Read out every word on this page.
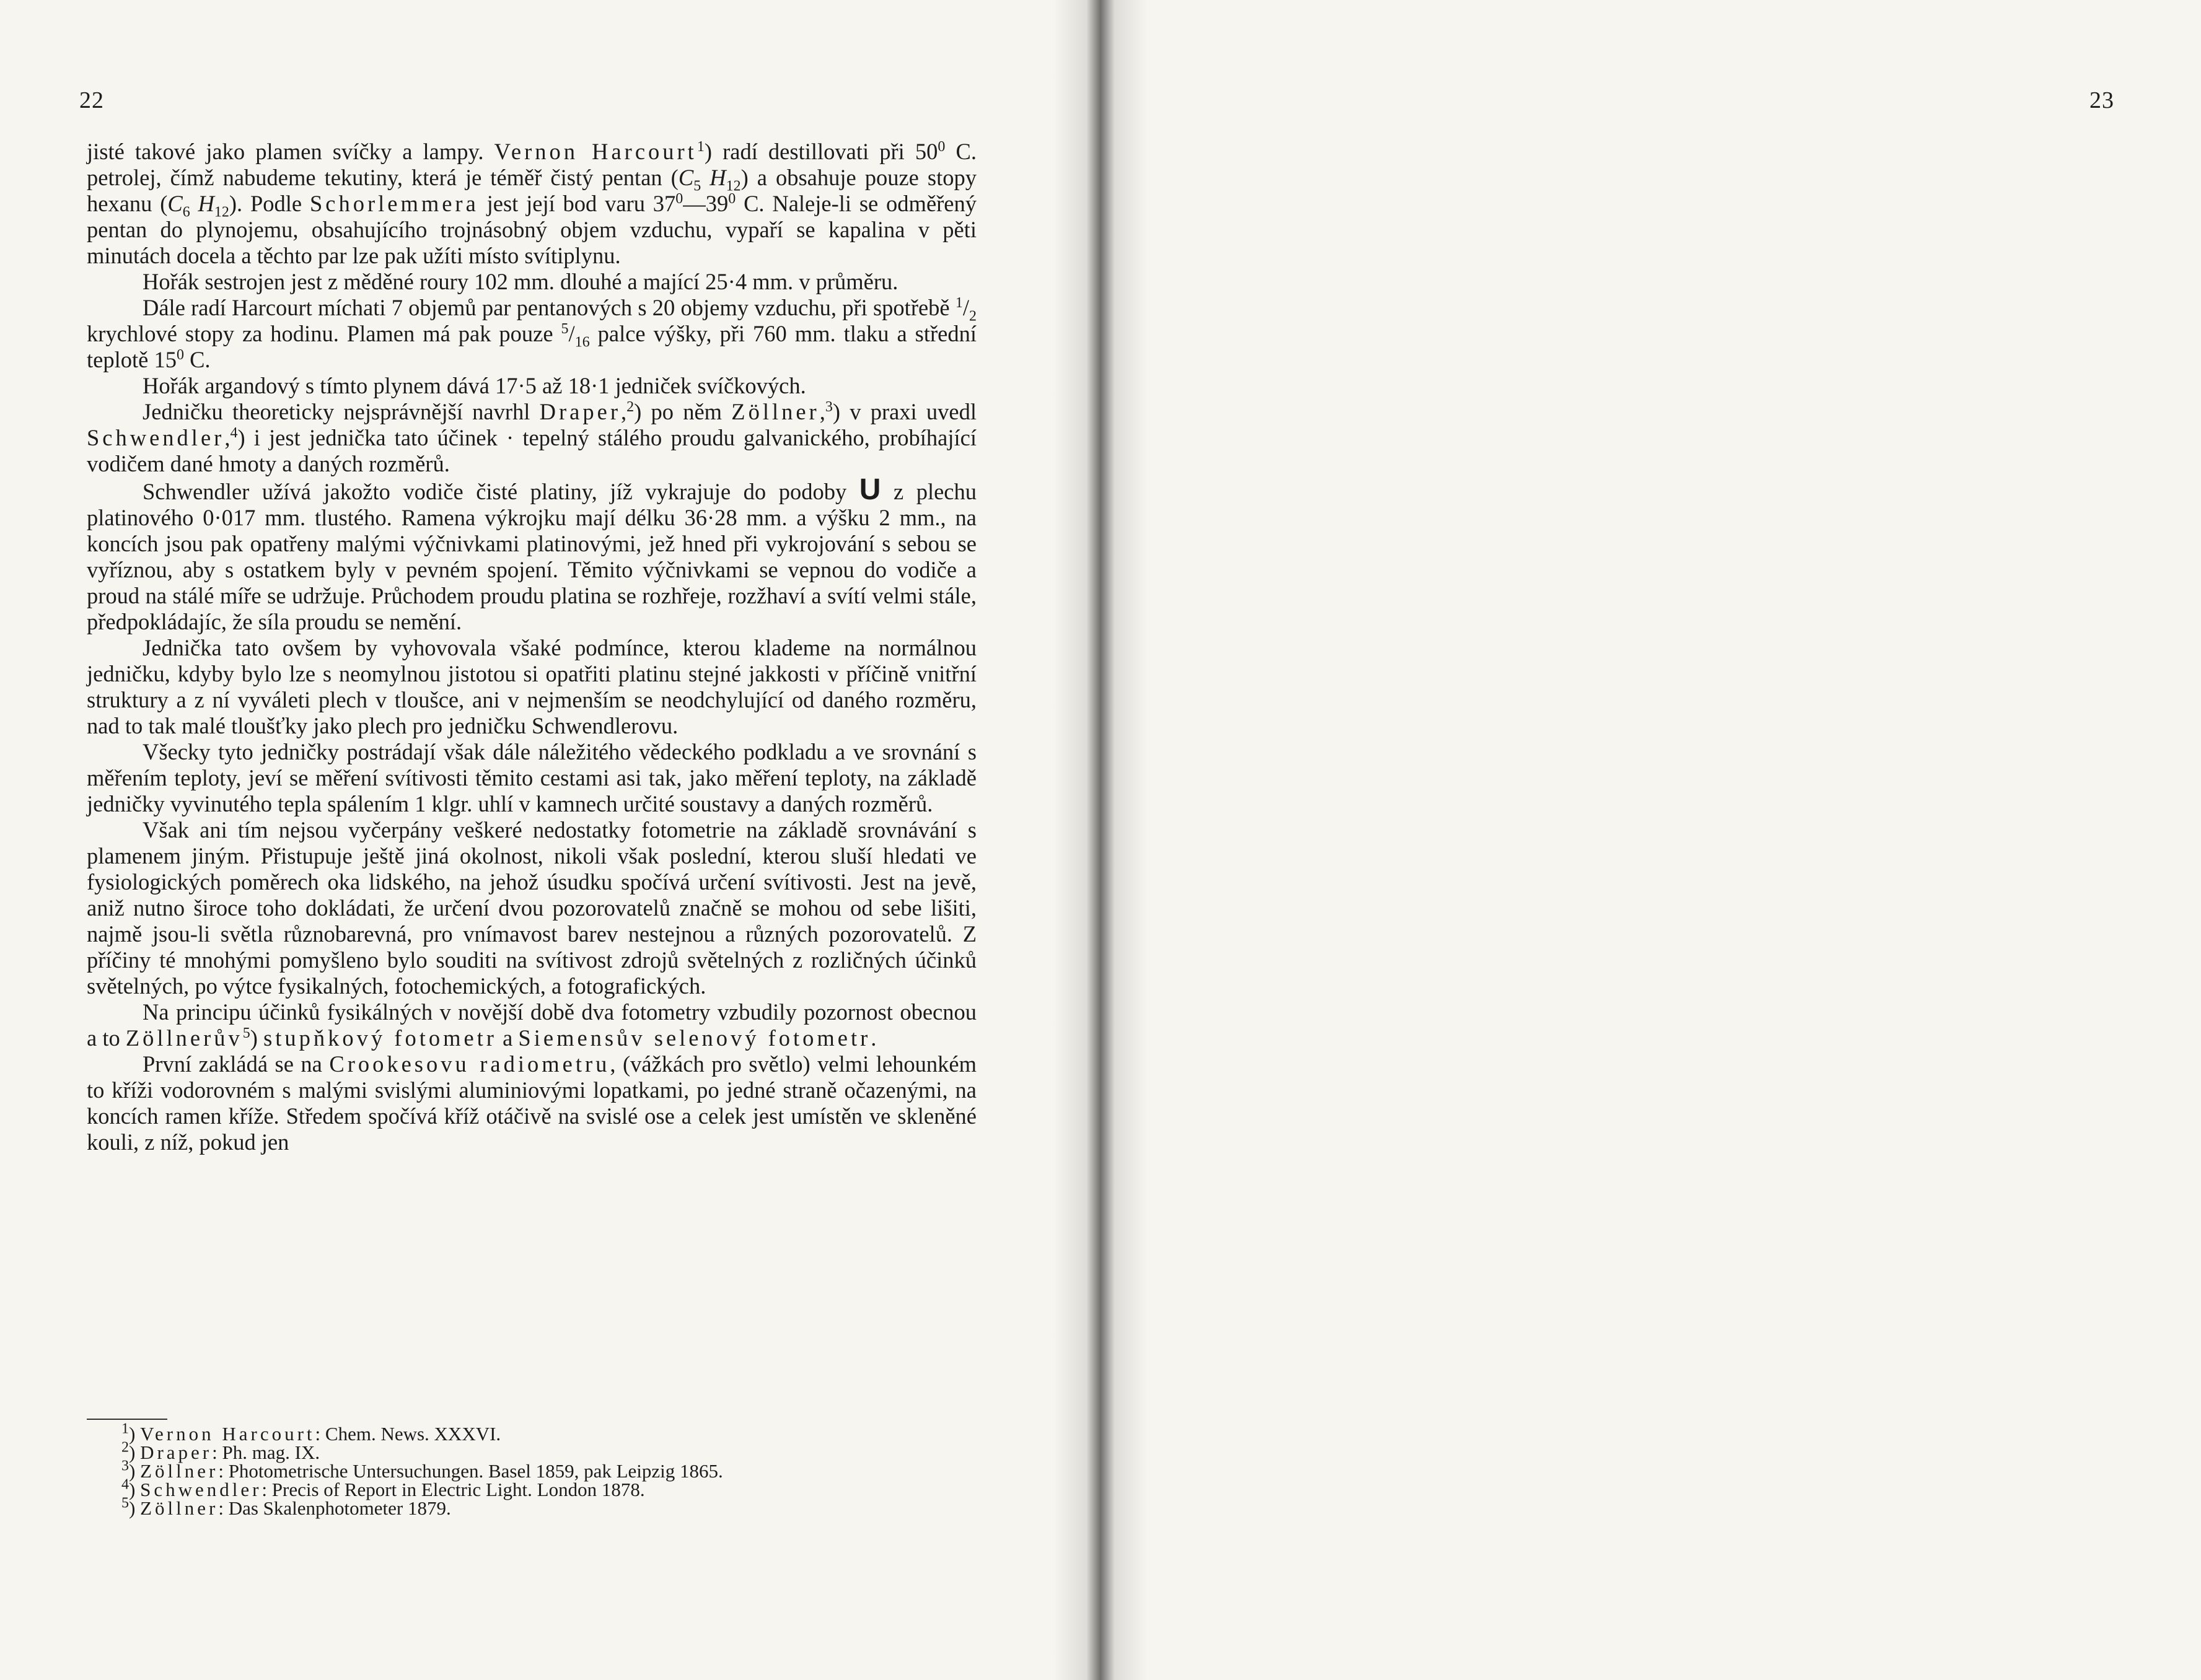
22

jisté takové jako plamen svíčky a lampy. Vernon Harcourt$^1$) radí destillovati při $50^0$ C. petrolej, čímž nabudeme tekutiny, která je téměř čistý pentan ($C_5$ $H_{12}$) a obsahuje pouze stopy hexanu ($C_6$ $H_{12}$). Podle Schorlemmera jest její bod varu $37^0—39^0$ C. Naleje-li se odměřený pentan do plynojemu, obsahujícího trojnásobný objem vzduchu, vypaří se kapalina v pěti minutách docela a těchto par lze pak užíti místo svítiplynu.

Hořák sestrojen jest z měděné roury 102 mm. dlouhé a mající 25·4 mm. v průměru.

Dále radí Harcourt míchati 7 objemů par pentanových s 20 objemy vzduchu, při spotřebě $^1/_2$ krychlové stopy za hodinu. Plamen má pak pouze $^5/_{16}$ palce výšky, při 760 mm. tlaku a střední teplotě $15^0$ C.

Hořák argandový s tímto plynem dává 17·5 až 18·1 jedniček svíčkových.

Jedničku theoreticky nejsprávnější navrhl Draper,$^2$) po něm Zöllner,$^3$) v praxi uvedl Schwendler,$^4$) i jest jednička tato účinek · tepelný stálého proudu galvanického, probíhající vodičem dané hmoty a daných rozměrů.

Schwendler užívá jakožto vodiče čisté platiny, jíž vykrajuje do podoby U z plechu platinového 0·017 mm. tlustého. Ramena výkrojku mají délku 36·28 mm. a výšku 2 mm., na koncích jsou pak opatřeny malými výčnivkami platinovými, jež hned při vykrojování s sebou se vyříznou, aby s ostatkem byly v pevném spojení. Těmito výčnivkami se vepnou do vodiče a proud na stálé míře se udržuje. Průchodem proudu platina se rozhřeje, rozžhaví a svítí velmi stále, předpokládajíc, že síla proudu se nemění.

Jednička tato ovšem by vyhovovala všaké podmínce, kterou klademe na normálnou jedničku, kdyby bylo lze s neomylnou jistotou si opatřiti platinu stejné jakkosti v příčině vnitřní struktury a z ní vyváleti plech v tloušce, ani v nejmenším se neodchylující od daného rozměru, nad to tak malé tloušťky jako plech pro jedničku Schwendlerovu.

Všecky tyto jedničky postrádají však dále náležitého vědeckého podkladu a ve srovnání s měřením teploty, jeví se měření svítivosti těmito cestami asi tak, jako měření teploty, na základě jedničky vyvinutého tepla spálením 1 klgr. uhlí v kamnech určité soustavy a daných rozměrů.

Však ani tím nejsou vyčerpány veškeré nedostatky fotometrie na základě srovnávání s plamenem jiným. Přistupuje ještě jiná okolnost, nikoli však poslední, kterou sluší hledati ve fysiologických poměrech oka lidského, na jehož úsudku spočívá určení svítivosti. Jest na jevě, aniž nutno široce toho dokládati, že určení dvou pozorovatelů značně se mohou od sebe lišiti, najmě jsou-li světla různobarevná, pro vnímavost barev nestejnou a různých pozorovatelů. Z příčiny té mnohými pomyšleno bylo souditi na svítivost zdrojů světelných z rozličných účinků světelných, po výtce fysikalných, fotochemických, a fotografických.

Na principu účinků fysikálných v novější době dva fotometry vzbudily pozornost obecnou a to Zöllnerův$^5$) stupňkový fotometr a Siemensův selenový fotometr.

První zakládá se na Crookesovu radiometru, (vážkách pro světlo) velmi lehounkém to kříži vodorovném s malými svislými aluminiovými lopatkami, po jedné straně očazenými, na koncích ramen kříže. Středem spočívá kříž otáčivě na svislé ose a celek jest umístěn ve skleněné kouli, z níž, pokud jen

$^1$) Vernon Harcourt: Chem. News. XXXVI.
$^2$) Draper: Ph. mag. IX.
$^3$) Zöllner: Photometrische Untersuchungen. Basel 1859, pak Leipzig 1865.
$^4$) Schwendler: Precis of Report in Electric Light. London 1878.
$^5$) Zöllner: Das Skalenphotometer 1879.
23
